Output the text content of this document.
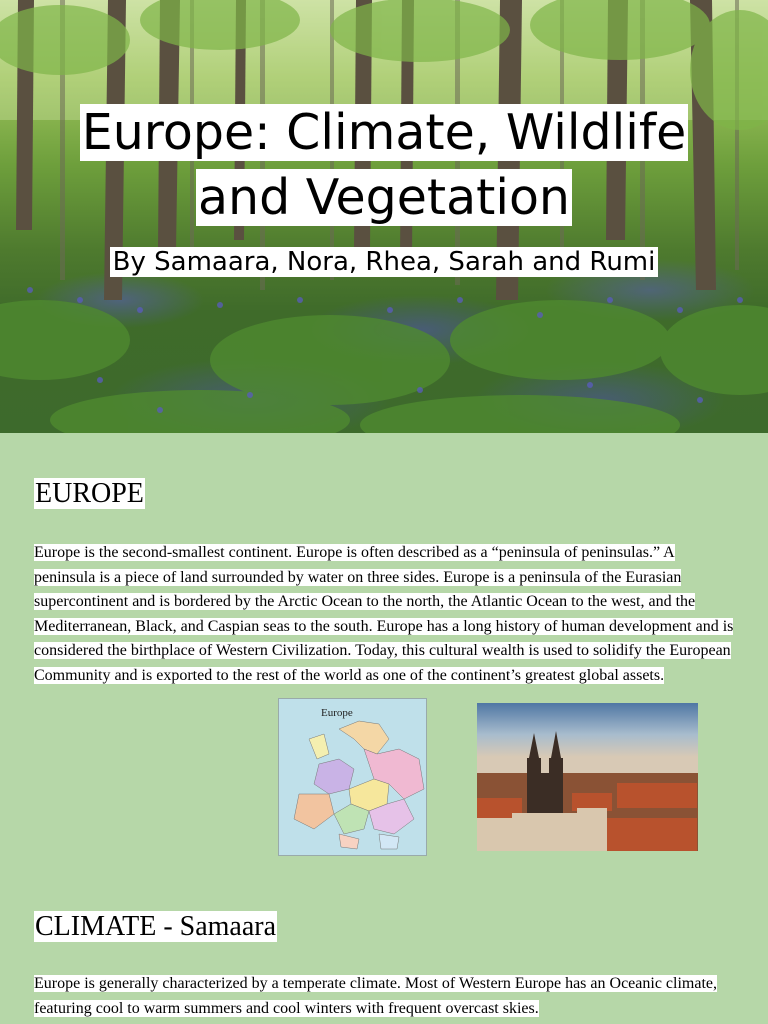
Europe: Climate, Wildlife
and Vegetation
By Samaara, Nora, Rhea, Sarah and Rumi
EUROPE
Europe is the second-smallest continent. Europe is often described as a “peninsula of peninsulas.” A peninsula is a piece of land surrounded by water on three sides. Europe is a peninsula of the Eurasian supercontinent and is bordered by the Arctic Ocean to the north, the Atlantic Ocean to the west, and the Mediterranean, Black, and Caspian seas to the south. Europe has a long history of human development and is considered the birthplace of Western Civilization. Today, this cultural wealth is used to solidify the European Community and is exported to the rest of the world as one of the continent’s greatest global assets.
Europe
CLIMATE - Samaara
Europe is generally characterized by a temperate climate. Most of Western Europe has an Oceanic climate, featuring cool to warm summers and cool winters with frequent overcast skies.
